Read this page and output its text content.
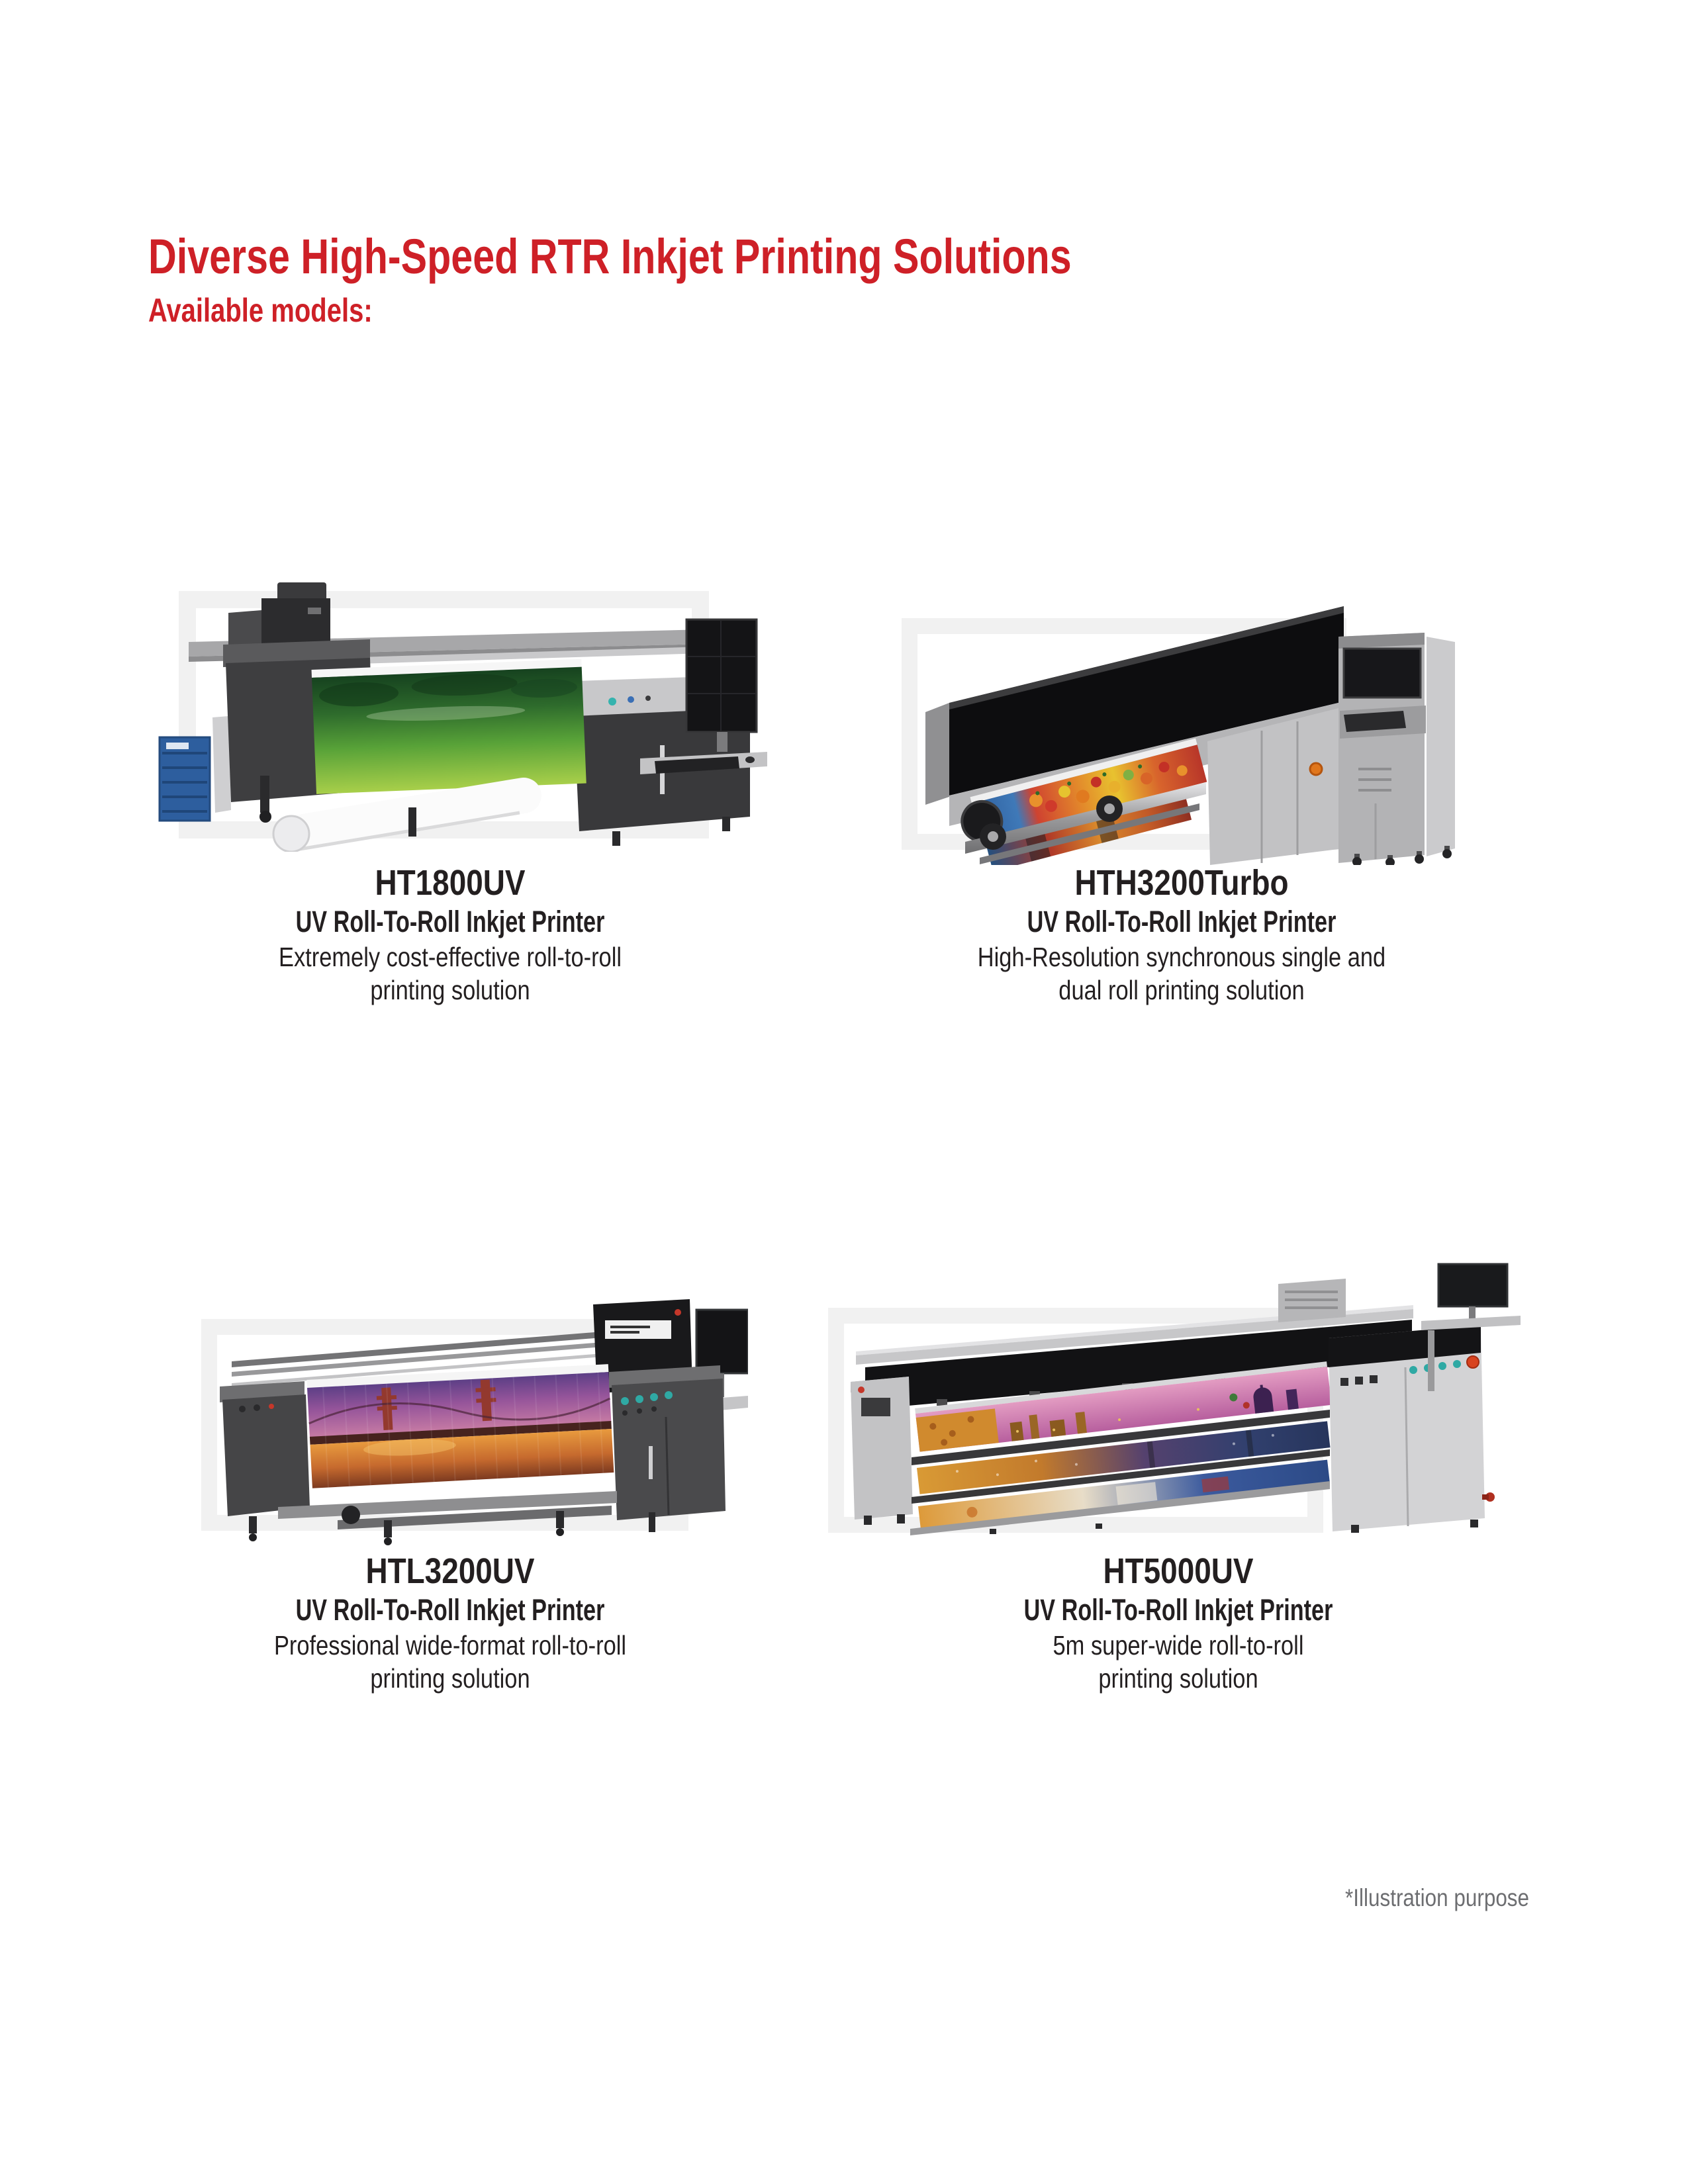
Diverse High-Speed RTR Inkjet Printing Solutions
Available models:
HT1800UV
UV Roll-To-Roll Inkjet Printer
Extremely cost-effective roll-to-roll
printing solution
HTH3200Turbo
UV Roll-To-Roll Inkjet Printer
High-Resolution synchronous single and
dual roll printing solution
HTL3200UV
UV Roll-To-Roll Inkjet Printer
Professional wide-format roll-to-roll
printing solution
HT5000UV
UV Roll-To-Roll Inkjet Printer
5m super-wide roll-to-roll
printing solution
*Illustration purpose
